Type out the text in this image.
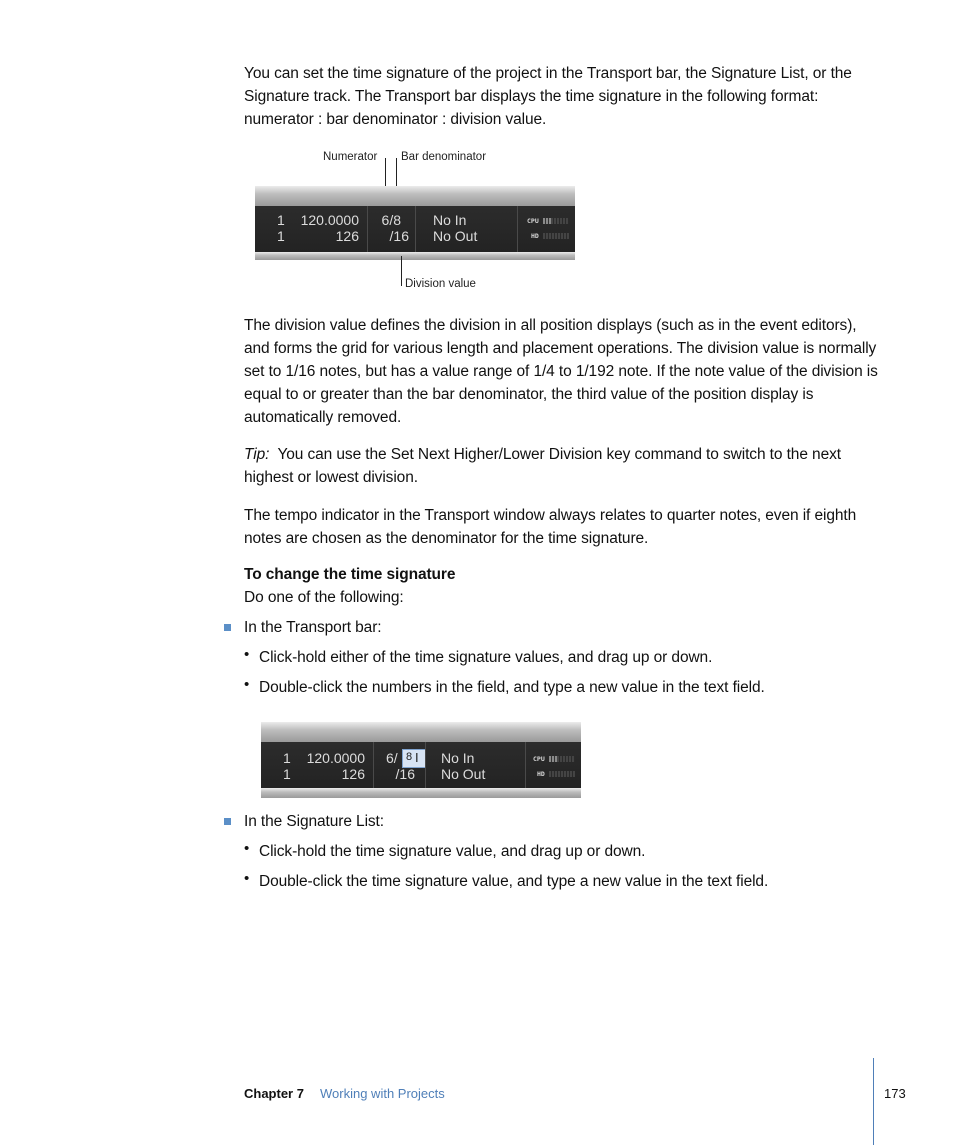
You can set the time signature of the project in the Transport bar, the Signature List, or the Signature track. The Transport bar displays the time signature in the following format: numerator : bar denominator : division value.

Numerator Bar denominator
1
1
120.0000
126
6/8
/16
No In
No Out
CPU
HD
Division value

The division value defines the division in all position displays (such as in the event editors), and forms the grid for various length and placement operations. The division value is normally set to 1/16 notes, but has a value range of 1/4 to 1/192 note. If the note value of the division is equal to or greater than the bar denominator, the third value of the position display is automatically removed.

Tip: You can use the Set Next Higher/Lower Division key command to switch to the next highest or lowest division.

The tempo indicator in the Transport window always relates to quarter notes, even if eighth notes are chosen as the denominator for the time signature.

To change the time signature

Do one of the following:

In the Transport bar:

• Click-hold either of the time signature values, and drag up or down.

• Double-click the numbers in the field, and type a new value in the text field.

1
1
120.0000
126
6/ 8 I
/16
No In
No Out
CPU
HD

In the Signature List:

• Click-hold the time signature value, and drag up or down.

• Double-click the time signature value, and type a new value in the text field.

Chapter 7 Working with Projects	173
